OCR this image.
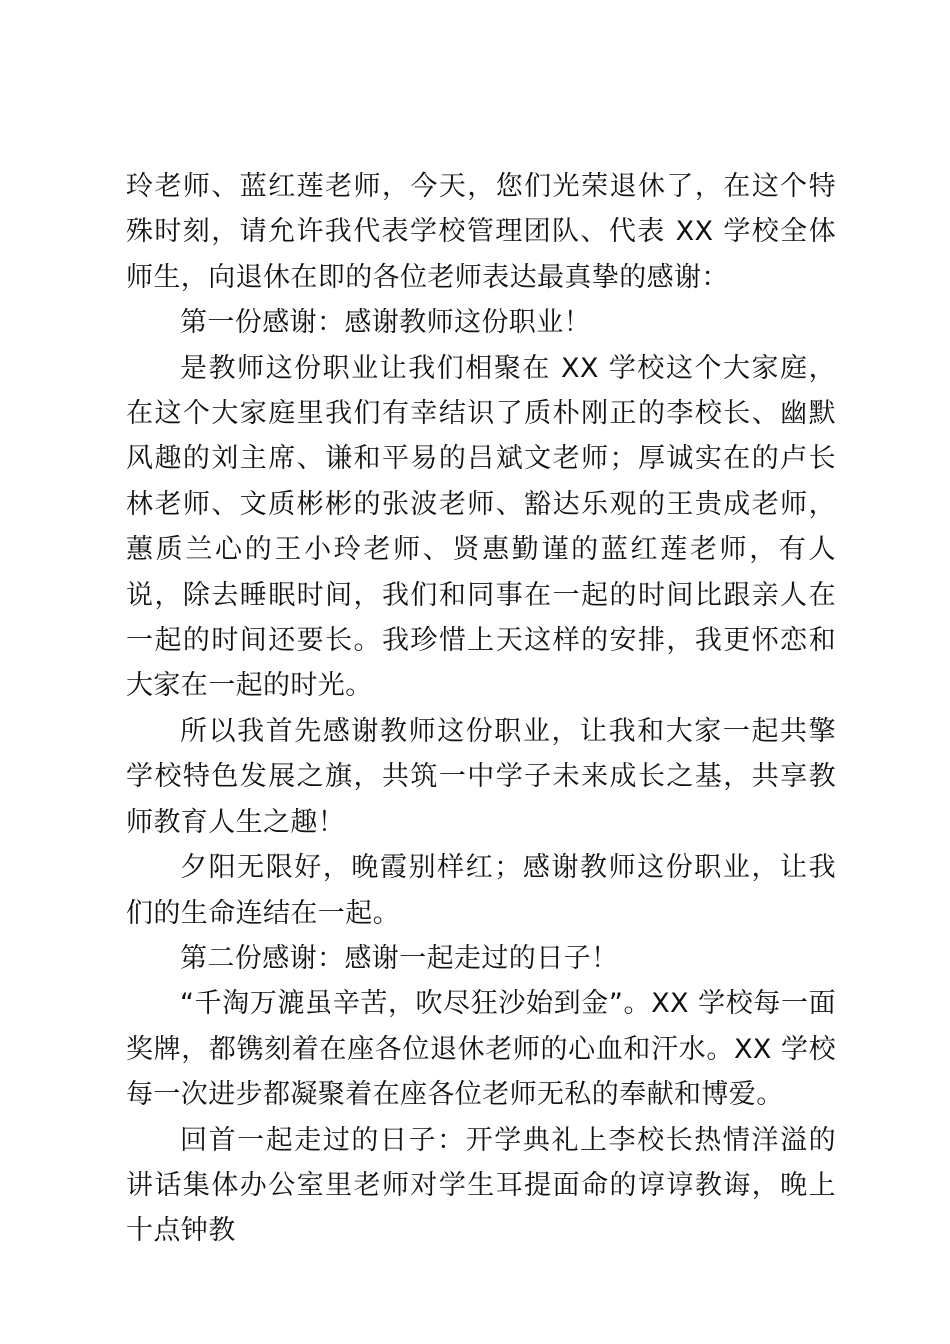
玲老师、蓝红莲老师，今天，您们光荣退休了，在这个特殊时刻，请允许我代表学校管理团队、代表 XX 学校全体师生，向退休在即的各位老师表达最真挚的感谢：

第一份感谢：感谢教师这份职业！

是教师这份职业让我们相聚在 XX 学校这个大家庭，在这个大家庭里我们有幸结识了质朴刚正的李校长、幽默风趣的刘主席、谦和平易的吕斌文老师；厚诚实在的卢长林老师、文质彬彬的张波老师、豁达乐观的王贵成老师，蕙质兰心的王小玲老师、贤惠勤谨的蓝红莲老师，有人说，除去睡眠时间，我们和同事在一起的时间比跟亲人在一起的时间还要长。我珍惜上天这样的安排，我更怀恋和大家在一起的时光。

所以我首先感谢教师这份职业，让我和大家一起共擎学校特色发展之旗，共筑一中学子未来成长之基，共享教师教育人生之趣！

夕阳无限好，晚霞别样红；感谢教师这份职业，让我们的生命连结在一起。

第二份感谢：感谢一起走过的日子！

“千淘万漉虽辛苦，吹尽狂沙始到金”。XX 学校每一面奖牌，都镌刻着在座各位退休老师的心血和汗水。XX 学校每一次进步都凝聚着在座各位老师无私的奉献和博爱。

回首一起走过的日子：开学典礼上李校长热情洋溢的讲话集体办公室里老师对学生耳提面命的谆谆教诲，晚上十点钟教
